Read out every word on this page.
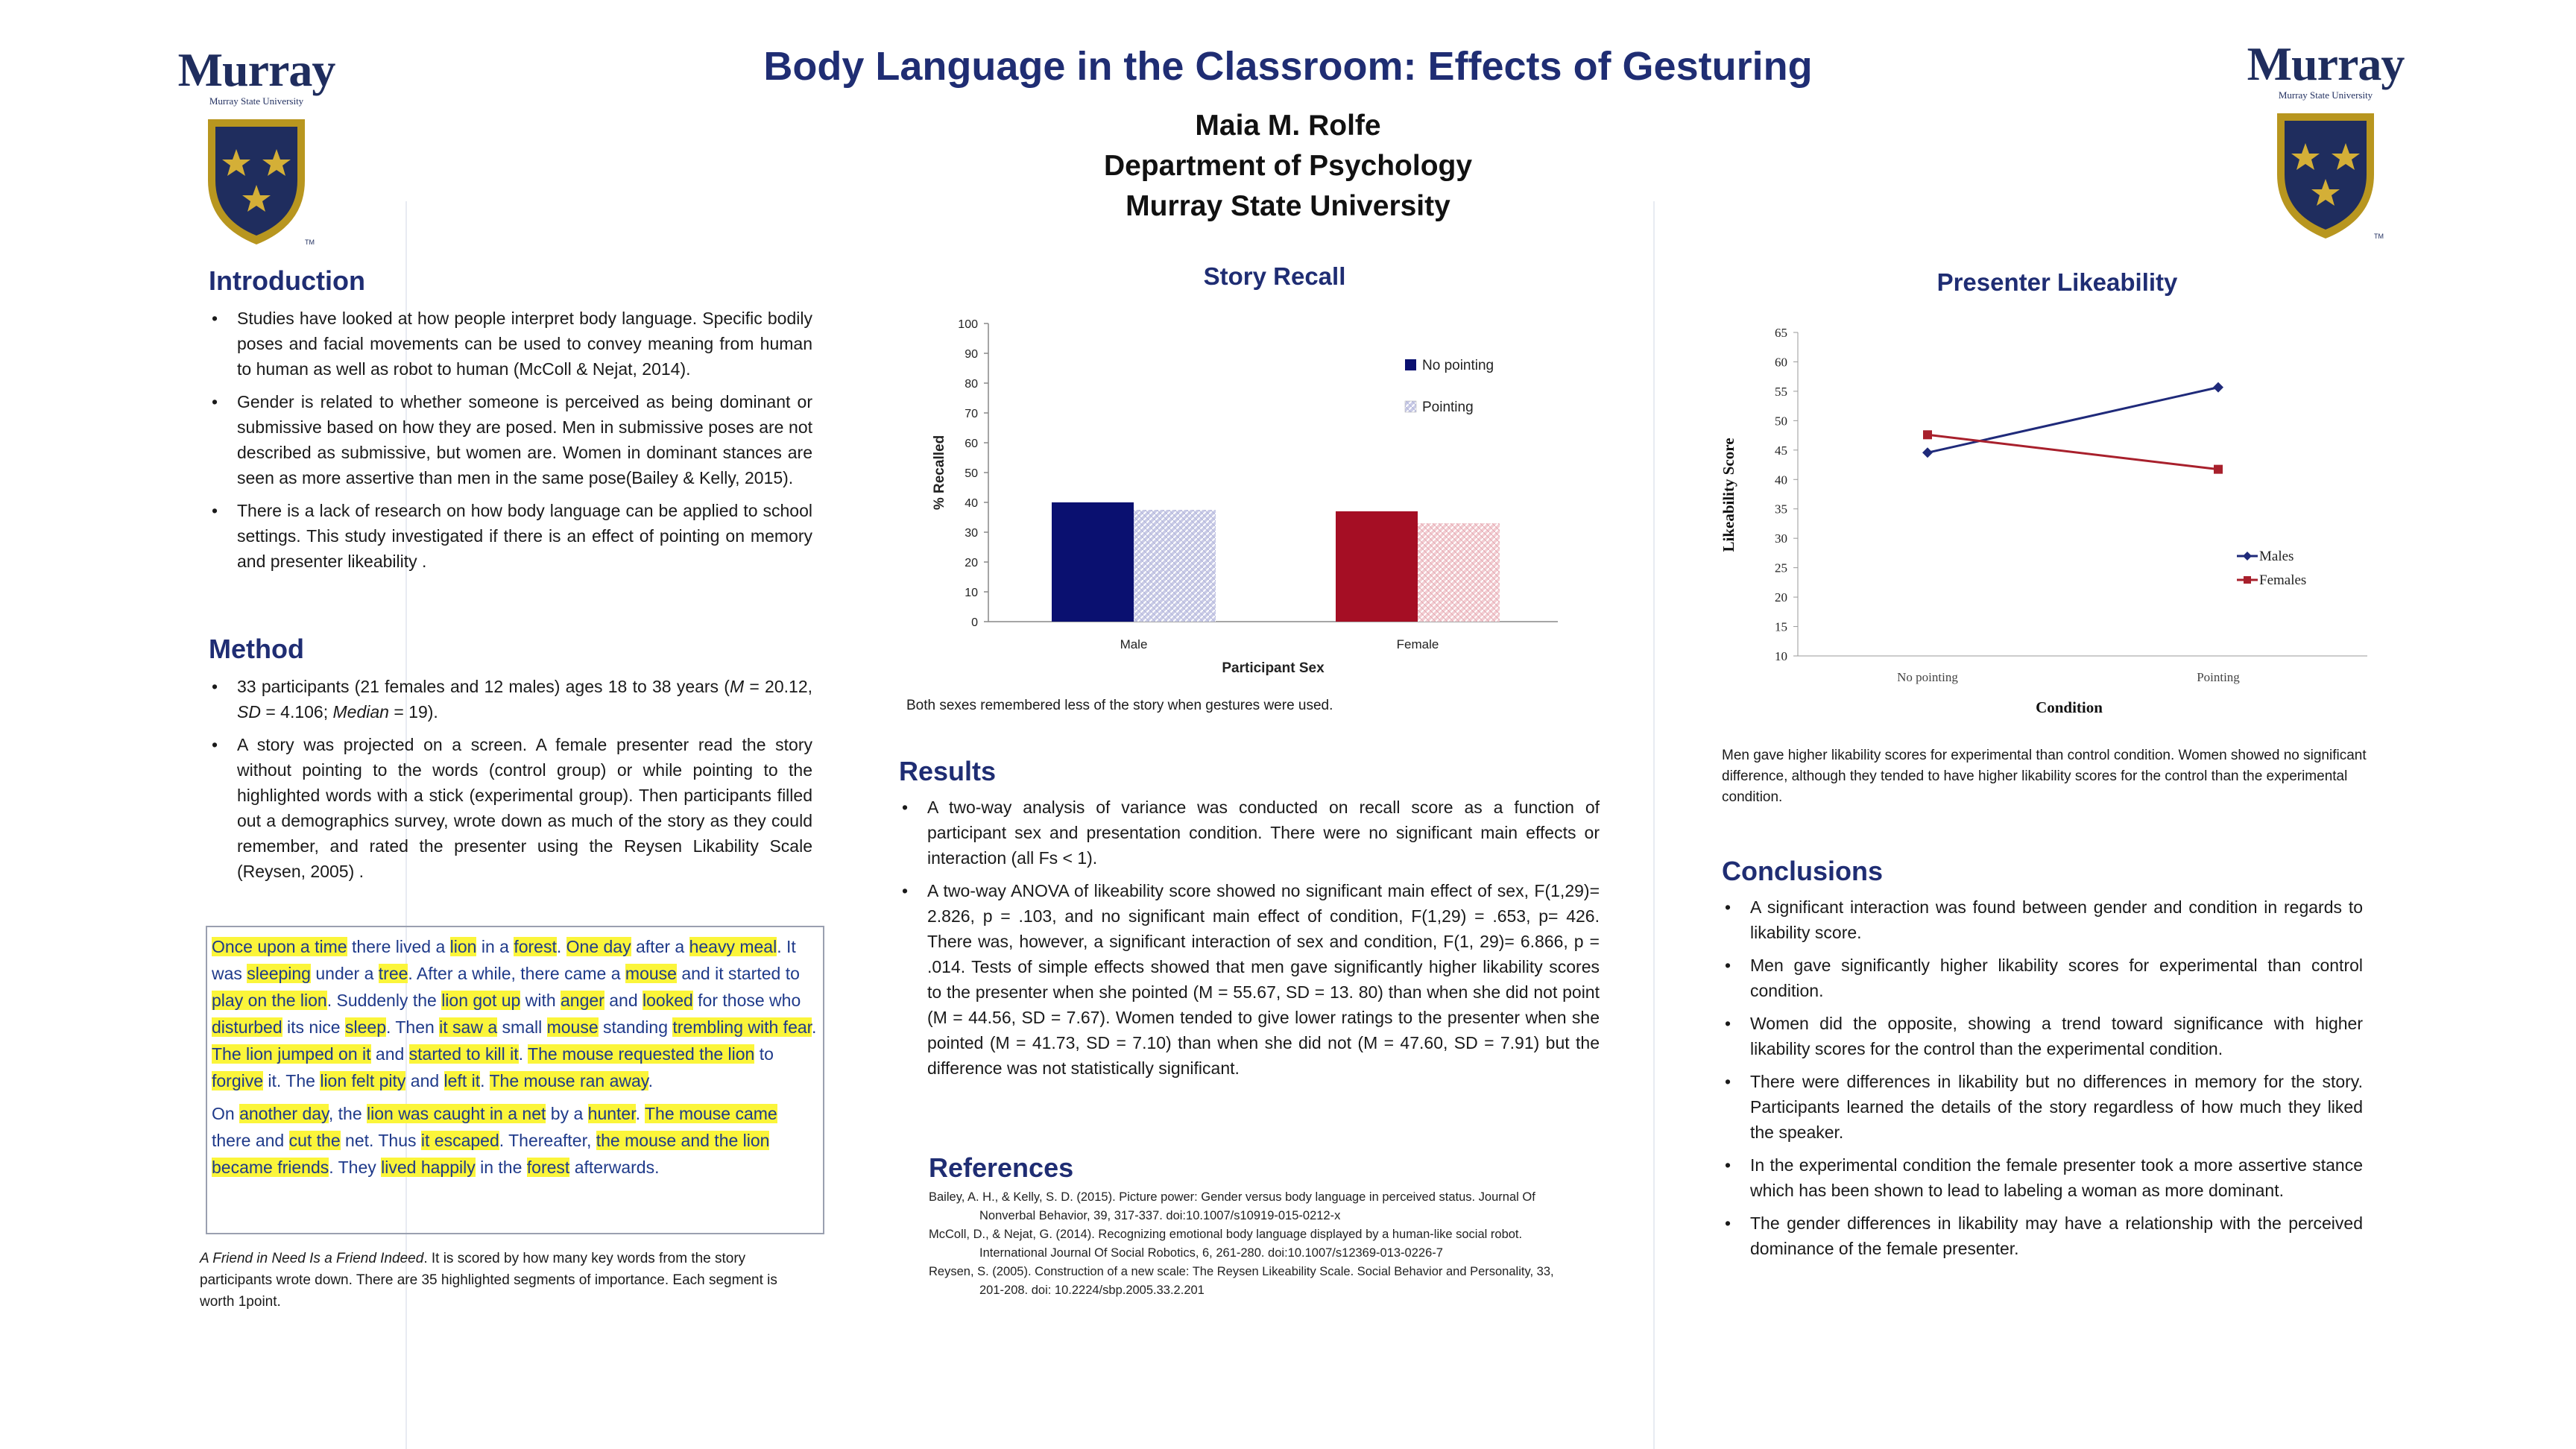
Body Language in the Classroom: Effects of Gesturing
Maia M. Rolfe
Department of Psychology
Murray State University
Murray
Murray State University
TM
Murray
Murray State University
TM
Introduction
• Studies have looked at how people interpret body language. Specific bodily poses and facial movements can be used to convey meaning from human to human as well as robot to human (McColl & Nejat, 2014).
• Gender is related to whether someone is perceived as being dominant or submissive based on how they are posed. Men in submissive poses are not described as submissive, but women are. Women in dominant stances are seen as more assertive than men in the same pose(Bailey & Kelly, 2015).
• There is a lack of research on how body language can be applied to school settings. This study investigated if there is an effect of pointing on memory and presenter likeability .
Method
• 33 participants (21 females and 12 males) ages 18 to 38 years (M = 20.12, SD = 4.106; Median = 19).
• A story was projected on a screen. A female presenter read the story without pointing to the words (control group) or while pointing to the highlighted words with a stick (experimental group). Then participants filled out a demographics survey, wrote down as much of the story as they could remember, and rated the presenter using the Reysen Likability Scale (Reysen, 2005) .

Once upon a time there lived a lion in a forest. One day after a heavy meal. It was sleeping under a tree. After a while, there came a mouse and it started to play on the lion. Suddenly the lion got up with anger and looked for those who disturbed its nice sleep. Then it saw a small mouse standing trembling with fear. The lion jumped on it and started to kill it. The mouse requested the lion to forgive it. The lion felt pity and left it. The mouse ran away.

On another day, the lion was caught in a net by a hunter. The mouse came there and cut the net. Thus it escaped. Thereafter, the mouse and the lion became friends. They lived happily in the forest afterwards.

A Friend in Need Is a Friend Indeed. It is scored by how many key words from the story participants wrote down. There are 35 highlighted segments of importance. Each segment is worth 1point.
Story Recall
0
10
20
30
40
50
60
70
80
90
100
Male	Female
Participant Sex
% Recalled
No pointing
Pointing
Both sexes remembered less of the story when gestures were used.
Results
• A two-way analysis of variance was conducted on recall score as a function of participant sex and presentation condition. There were no significant main effects or interaction (all Fs < 1).
• A two-way ANOVA of likeability score showed no significant main effect of sex, F(1,29)= 2.826, p = .103, and no significant main effect of condition, F(1,29) = .653, p= 426. There was, however, a significant interaction of sex and condition, F(1, 29)= 6.866, p = .014. Tests of simple effects showed that men gave significantly higher likability scores to the presenter when she pointed (M = 55.67, SD = 13. 80) than when she did not point (M = 44.56, SD = 7.67). Women tended to give lower ratings to the presenter when she pointed (M = 41.73, SD = 7.10) than when she did not (M = 47.60, SD = 7.91) but the difference was not statistically significant.
References

Bailey, A. H., & Kelly, S. D. (2015). Picture power: Gender versus body language in perceived status. Journal Of Nonverbal Behavior, 39, 317-337. doi:10.1007/s10919-015-0212-x

McColl, D., & Nejat, G. (2014). Recognizing emotional body language displayed by a human-like social robot. International Journal Of Social Robotics, 6, 261-280. doi:10.1007/s12369-013-0226-7

Reysen, S. (2005). Construction of a new scale: The Reysen Likeability Scale. Social Behavior and Personality, 33, 201-208. doi: 10.2224/sbp.2005.33.2.201

Presenter Likeability
10
15
20
25
30
35
40
45
50
55
60
65
No pointing	Pointing
Males
Females
Condition
Likeability Score
Men gave higher likability scores for experimental than control condition. Women showed no significant difference, although they tended to have higher likability scores for the control than the experimental condition.
Conclusions
• A significant interaction was found between gender and condition in regards to likability score.
• Men gave significantly higher likability scores for experimental than control condition.
• Women did the opposite, showing a trend toward significance with higher likability scores for the control than the experimental condition.
• There were differences in likability but no differences in memory for the story. Participants learned the details of the story regardless of how much they liked the speaker.
• In the experimental condition the female presenter took a more assertive stance which has been shown to lead to labeling a woman as more dominant.
• The gender differences in likability may have a relationship with the perceived dominance of the female presenter.
